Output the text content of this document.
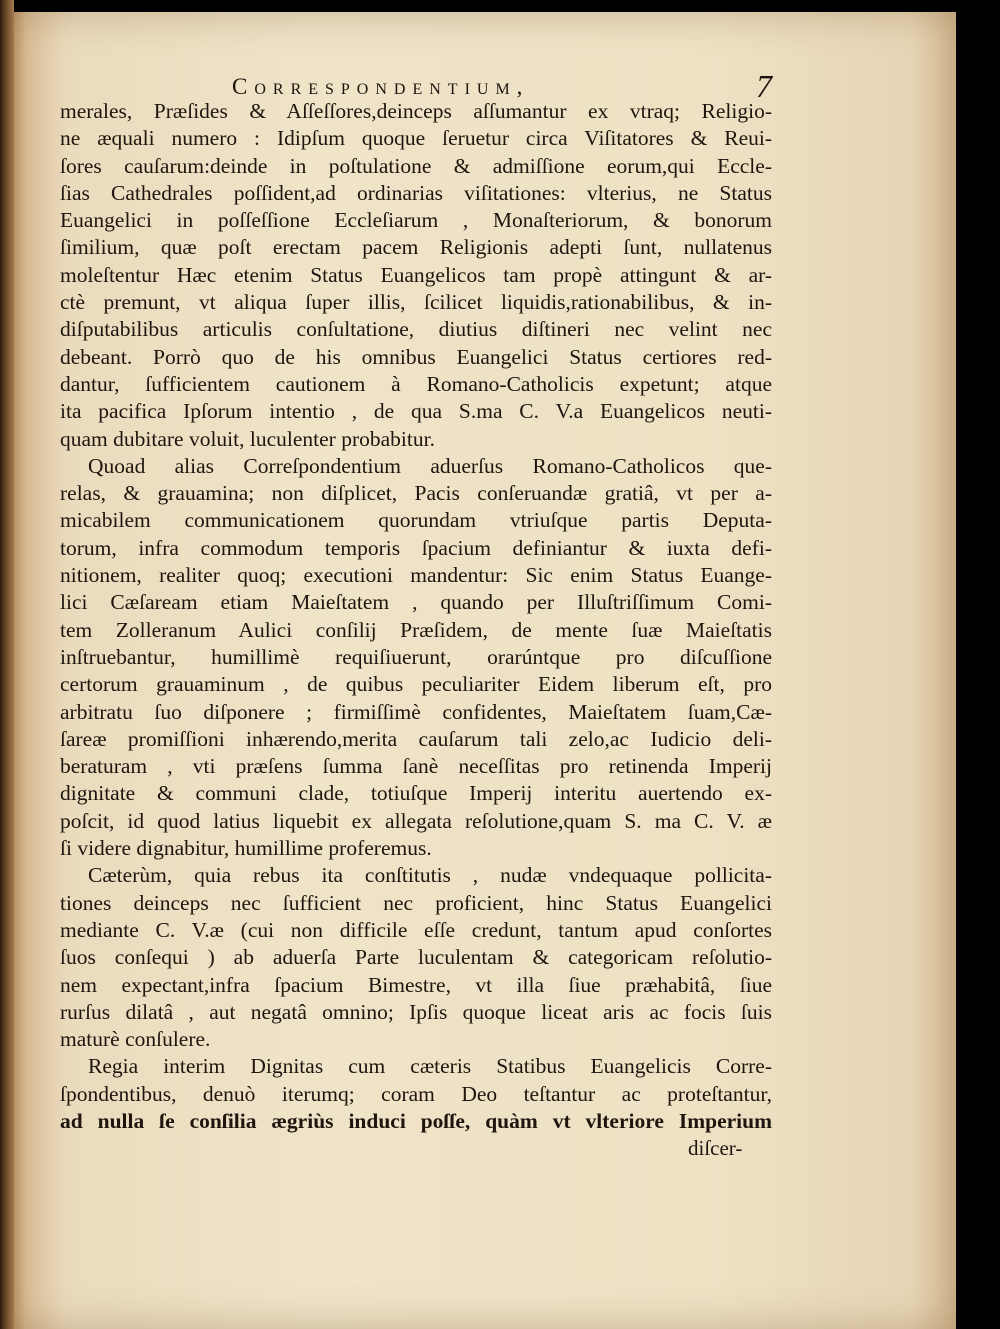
Correspondentium,	7
merales, Præſides & Aſſeſſores,deinceps aſſumantur ex vtraq; Religio-
ne æquali numero : Idipſum quoque ſeruetur circa Viſitatores & Reui-
ſores cauſarum:deinde in poſtulatione & admiſſione eorum,qui Eccle-
ſias Cathedrales poſſident,ad ordinarias viſitationes: vlterius, ne Status
Euangelici in poſſeſſione Eccleſiarum , Monaſteriorum, & bonorum
ſimilium, quæ poſt erectam pacem Religionis adepti ſunt, nullatenus
moleſtentur Hæc etenim Status Euangelicos tam propè attingunt & ar-
ctè premunt, vt aliqua ſuper illis, ſcilicet liquidis,rationabilibus, & in-
diſputabilibus articulis conſultatione, diutius diſtineri nec velint nec
debeant. Porrò quo de his omnibus Euangelici Status certiores red-
dantur, ſufficientem cautionem à Romano-Catholicis expetunt; atque
ita pacifica Ipſorum intentio , de qua S.ma C. V.a Euangelicos neuti-
quam dubitare voluit, luculenter probabitur.
Quoad alias Correſpondentium aduerſus Romano-Catholicos que-
relas, & grauamina; non diſplicet, Pacis conſeruandæ gratiâ, vt per a-
micabilem communicationem quorundam vtriuſque partis Deputa-
torum, infra commodum temporis ſpacium definiantur & iuxta defi-
nitionem, realiter quoq; executioni mandentur: Sic enim Status Euange-
lici Cæſaream etiam Maieſtatem , quando per Illuſtriſſimum Comi-
tem Zolleranum Aulici conſilij Præſidem, de mente ſuæ Maieſtatis
inſtruebantur, humillimè requiſiuerunt, orarúntque pro diſcuſſione
certorum grauaminum , de quibus peculiariter Eidem liberum eſt, pro
arbitratu ſuo diſponere ; firmiſſimè confidentes, Maieſtatem ſuam,Cæ-
ſareæ promiſſioni inhærendo,merita cauſarum tali zelo,ac Iudicio deli-
beraturam , vti præſens ſumma ſanè neceſſitas pro retinenda Imperij
dignitate & communi clade, totiuſque Imperij interitu auertendo ex-
poſcit, id quod latius liquebit ex allegata reſolutione,quam S. ma C. V. æ
ſi videre dignabitur, humillime proferemus.
Cæterùm, quia rebus ita conſtitutis , nudæ vndequaque pollicita-
tiones deinceps nec ſufficient nec proficient, hinc Status Euangelici
mediante C. V.æ (cui non difficile eſſe credunt, tantum apud conſortes
ſuos conſequi ) ab aduerſa Parte luculentam & categoricam reſolutio-
nem expectant,infra ſpacium Bimestre, vt illa ſiue præhabitâ, ſiue
rurſus dilatâ , aut negatâ omnino; Ipſis quoque liceat aris ac focis ſuis
maturè conſulere.
Regia interim Dignitas cum cæteris Statibus Euangelicis Corre-
ſpondentibus, denuò iterumq; coram Deo teſtantur ac proteſtantur,
ad nulla ſe conſilia ægriùs induci poſſe, quàm vt vlteriore Imperium
diſcer-
